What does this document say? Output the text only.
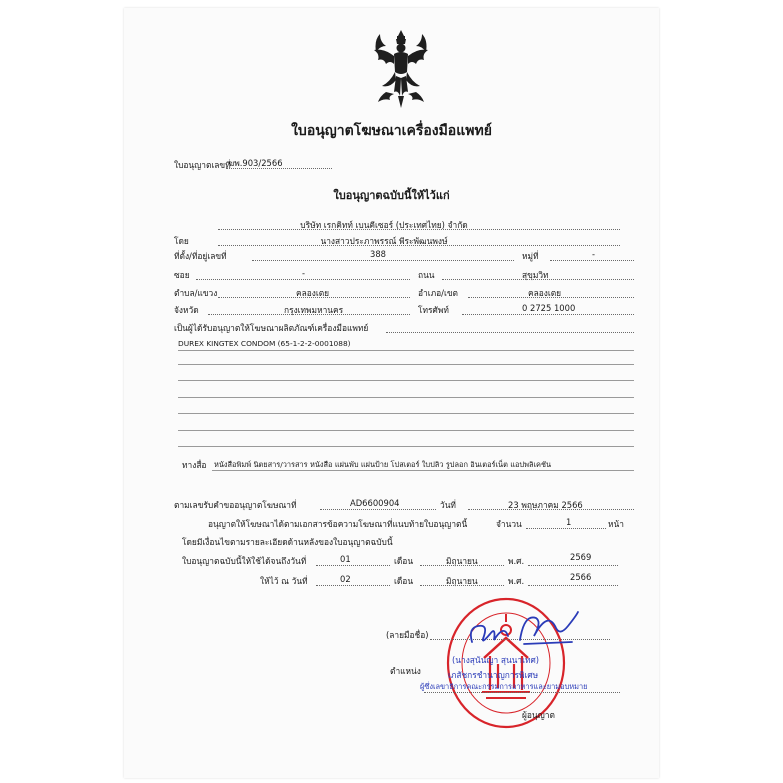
ใบอนุญาตโฆษณาเครื่องมือแพทย์
ใบอนุญาตเลขที่
ฆพ.903/2566
ใบอนุญาตฉบับนี้ให้ไว้แก่
บริษัท เรกคิทท์ เบนคีเซอร์ (ประเทศไทย) จำกัด
โดย	นางสาวประภาพรรณ์ พีระพัฒนพงษ์
ที่ตั้ง/ที่อยู่เลขที่	388	หมู่ที่	-
ซอย	-	ถนน	สุขุมวิท
ตำบล/แขวง	คลองเตย	อำเภอ/เขต	คลองเตย
จังหวัด	กรุงเทพมหานคร	โทรศัพท์	0 2725 1000
เป็นผู้ได้รับอนุญาตให้โฆษณาผลิตภัณฑ์เครื่องมือแพทย์
DUREX KINGTEX CONDOM (65-1-2-2-0001088)
ทางสื่อ หนังสือพิมพ์ นิตยสาร/วารสาร หนังสือ แผ่นพับ แผ่นป้าย โปสเตอร์ ใบปลิว รูปลอก อินเตอร์เน็ต แอปพลิเคชัน
ตามเลขรับคำขออนุญาตโฆษณาที่	AD6600904	วันที่	23 พฤษภาคม 2566
อนุญาตให้โฆษณาได้ตามเอกสารข้อความโฆษณาที่แนบท้ายใบอนุญาตนี้	จำนวน	1	หน้า
โดยมีเงื่อนไขตามรายละเอียดด้านหลังของใบอนุญาตฉบับนี้
ใบอนุญาตฉบับนี้ให้ใช้ได้จนถึงวันที่	01	เดือน	มิถุนายน	พ.ศ.	2569
ให้ไว้ ณ วันที่	02	เดือน	มิถุนายน	พ.ศ.	2566
(ลายมือชื่อ)
(นางสุนันญา สุนนาเทศ)
ตำแหน่ง	เภสัชกรชำนาญการพิเศษ
ผู้ซึ่งเลขาธิการคณะกรรมการอาหารและยามอบหมาย
ผู้อนุญาต
